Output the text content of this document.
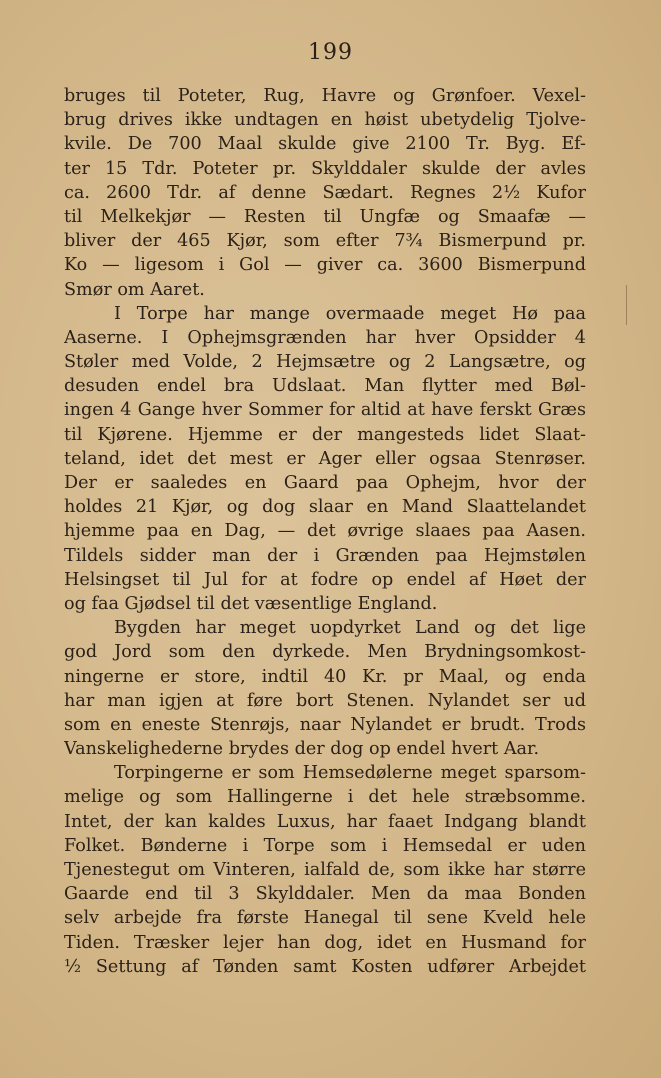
199
bruges til Poteter, Rug, Havre og Grønfoer. Vexel-
brug drives ikke undtagen en høist ubetydelig Tjolve-
kvile. De 700 Maal skulde give 2100 Tr. Byg. Ef-
ter 15 Tdr. Poteter pr. Skylddaler skulde der avles
ca. 2600 Tdr. af denne Sædart. Regnes 2½ Kufor
til Melkekjør — Resten til Ungfæ og Smaafæ —
bliver der 465 Kjør, som efter 7¾ Bismerpund pr.
Ko — ligesom i Gol — giver ca. 3600 Bismerpund
Smør om Aaret.
I Torpe har mange overmaade meget Hø paa
Aaserne. I Ophejmsgrænden har hver Opsidder 4
Støler med Volde, 2 Hejmsætre og 2 Langsætre, og
desuden endel bra Udslaat. Man flytter med Bøl-
ingen 4 Gange hver Sommer for altid at have ferskt Græs
til Kjørene. Hjemme er der mangesteds lidet Slaat-
teland, idet det mest er Ager eller ogsaa Stenrøser.
Der er saaledes en Gaard paa Ophejm, hvor der
holdes 21 Kjør, og dog slaar en Mand Slaattelandet
hjemme paa en Dag, — det øvrige slaaes paa Aasen.
Tildels sidder man der i Grænden paa Hejmstølen
Helsingset til Jul for at fodre op endel af Høet der
og faa Gjødsel til det væsentlige England.
Bygden har meget uopdyrket Land og det lige
god Jord som den dyrkede. Men Brydningsomkost-
ningerne er store, indtil 40 Kr. pr Maal, og enda
har man igjen at føre bort Stenen. Nylandet ser ud
som en eneste Stenrøjs, naar Nylandet er brudt. Trods
Vanskelighederne brydes der dog op endel hvert Aar.
Torpingerne er som Hemsedølerne meget sparsom-
melige og som Hallingerne i det hele stræbsomme.
Intet, der kan kaldes Luxus, har faaet Indgang blandt
Folket. Bønderne i Torpe som i Hemsedal er uden
Tjenestegut om Vinteren, ialfald de, som ikke har større
Gaarde end til 3 Skylddaler. Men da maa Bonden
selv arbejde fra første Hanegal til sene Kveld hele
Tiden. Træsker lejer han dog, idet en Husmand for
½ Settung af Tønden samt Kosten udfører Arbejdet
